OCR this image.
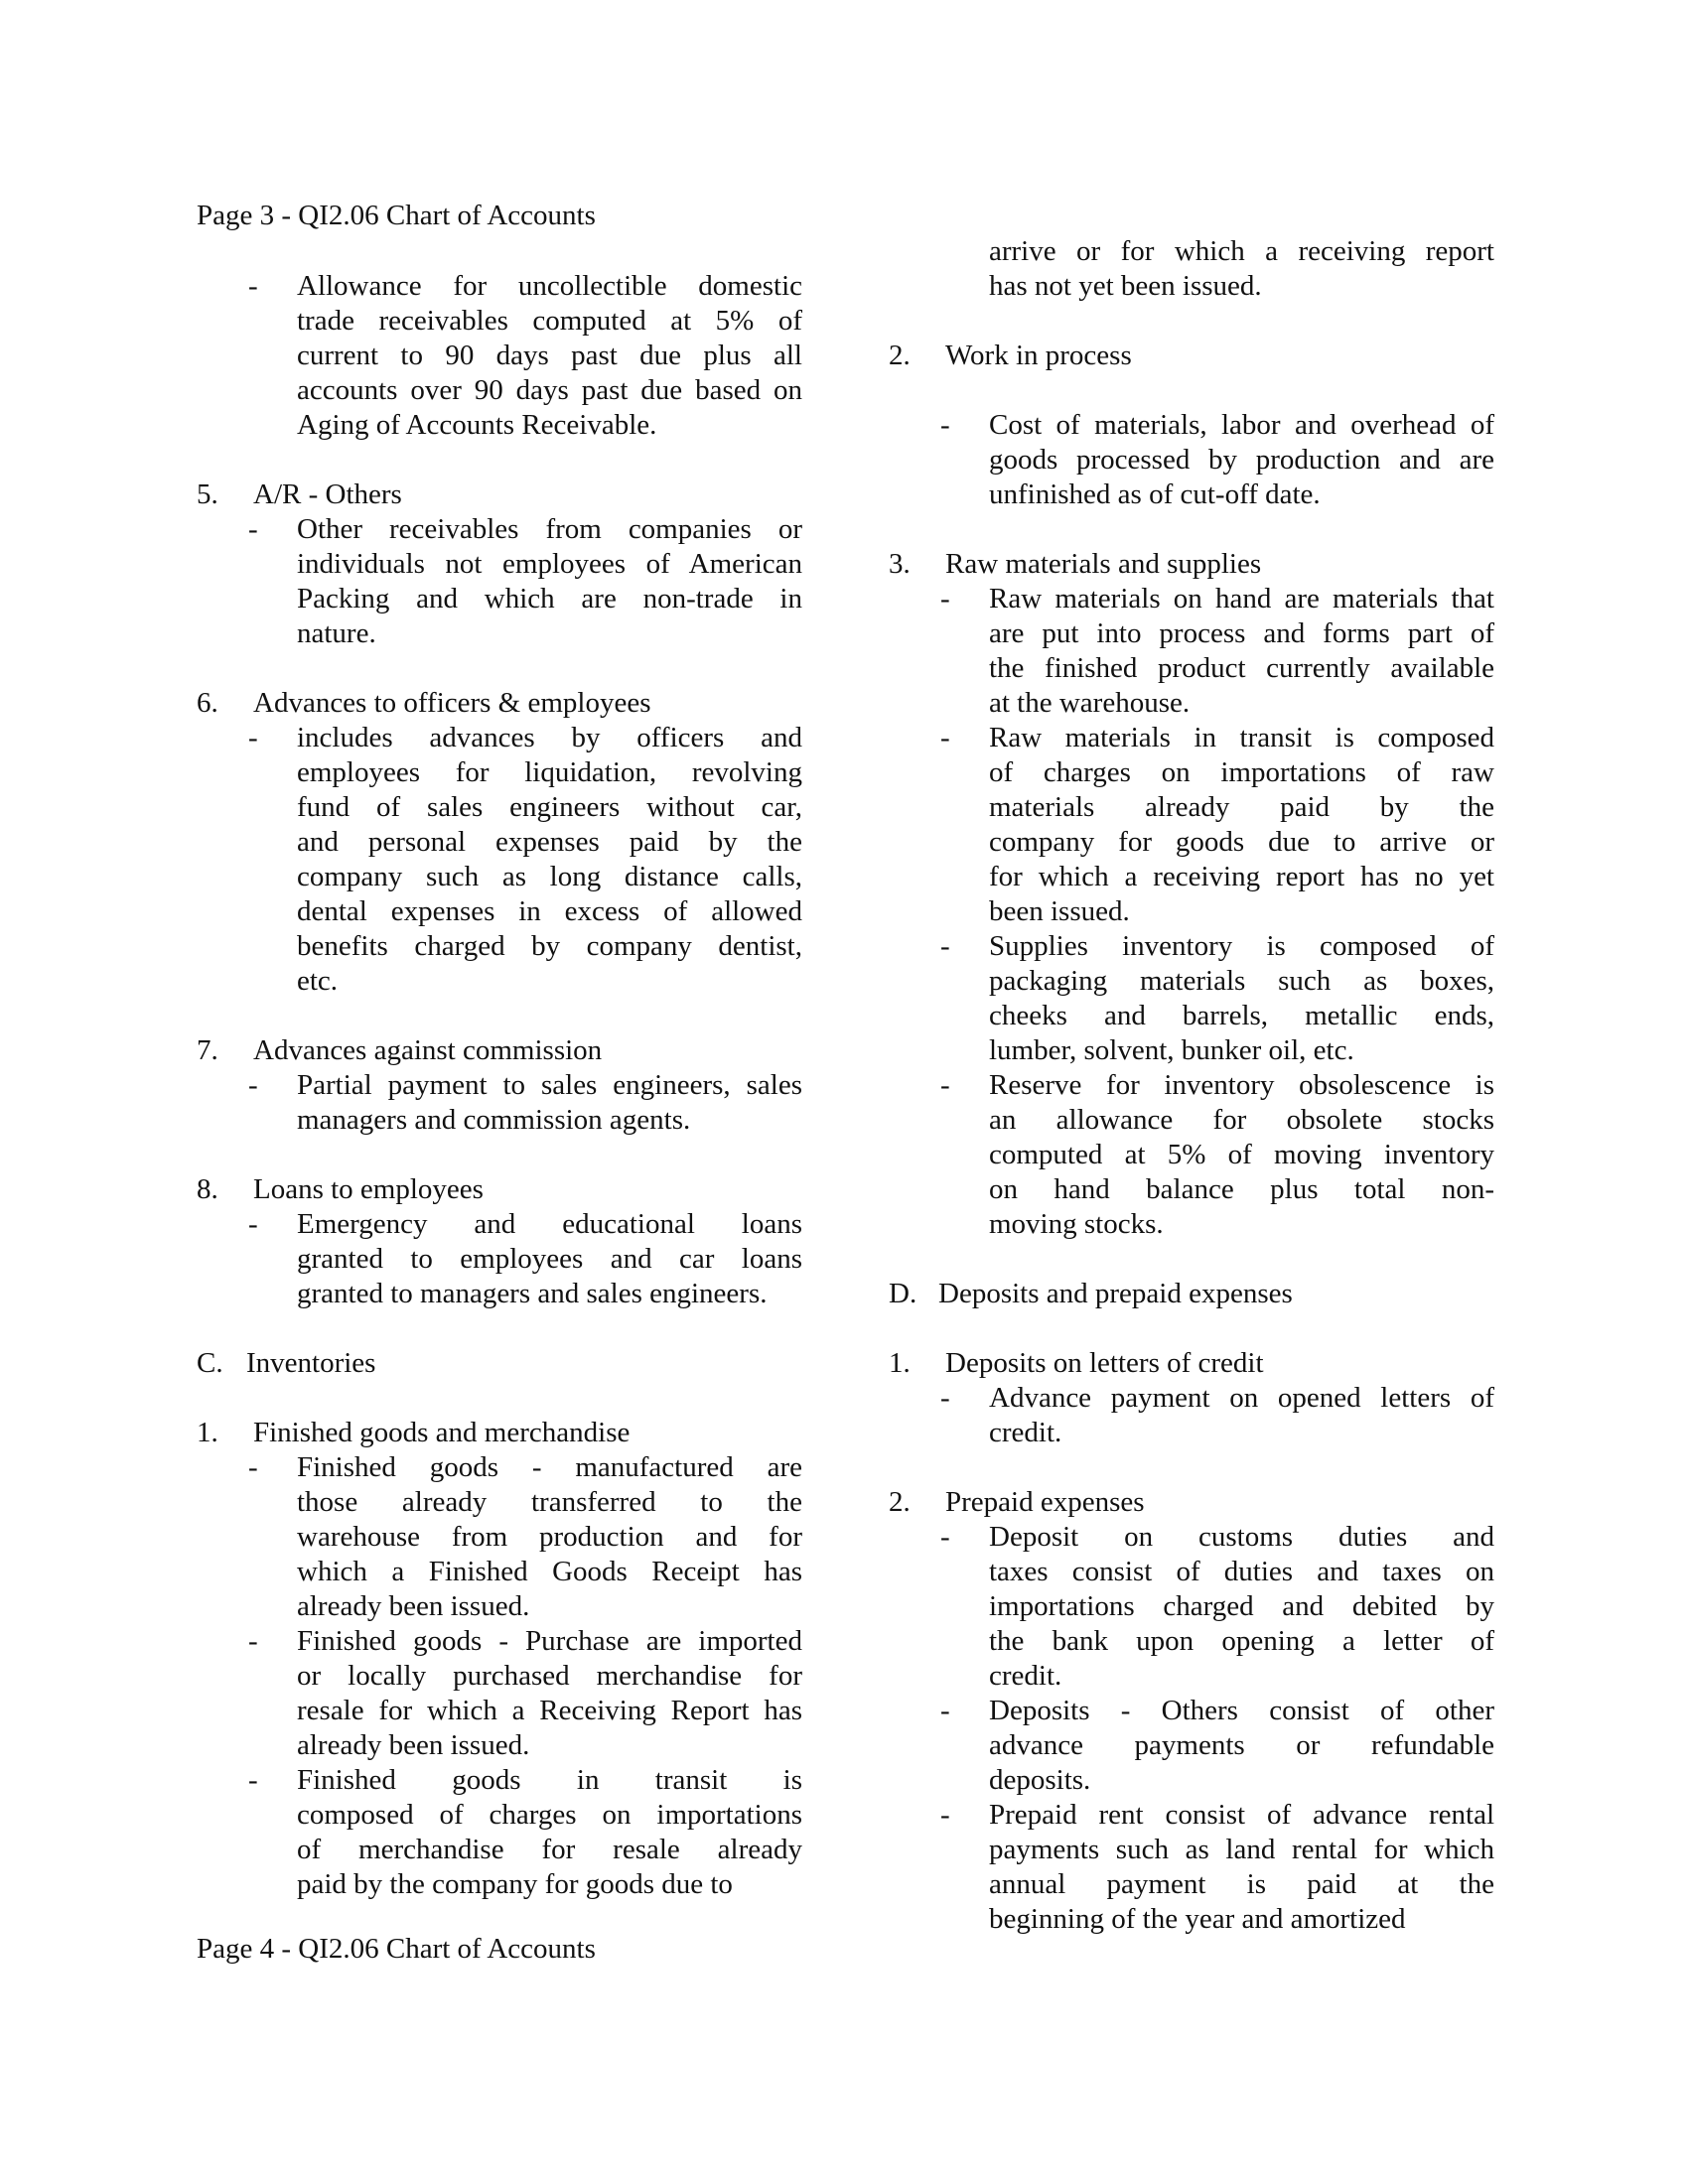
Page 3 - QI2.06 Chart of Accounts
- Allowance for uncollectible domestic
trade receivables computed at 5% of
current to 90 days past due plus all
accounts over 90 days past due based on
Aging of Accounts Receivable.
5. A/R - Others
- Other receivables from companies or
individuals not employees of American
Packing and which are non-trade in
nature.
6. Advances to officers & employees
- includes advances by officers and
employees for liquidation, revolving
fund of sales engineers without car,
and personal expenses paid by the
company such as long distance calls,
dental expenses in excess of allowed
benefits charged by company dentist,
etc.
7. Advances against commission
- Partial payment to sales engineers, sales
managers and commission agents.
8. Loans to employees
- Emergency and educational loans
granted to employees and car loans
granted to managers and sales engineers.
C. Inventories
1. Finished goods and merchandise
- Finished goods - manufactured are
those already transferred to the
warehouse from production and for
which a Finished Goods Receipt has
already been issued.
- Finished goods - Purchase are imported
or locally purchased merchandise for
resale for which a Receiving Report has
already been issued.
- Finished goods in transit is
composed of charges on importations
of merchandise for resale already
paid by the company for goods due to
Page 4 - QI2.06 Chart of Accounts
arrive or for which a receiving report
has not yet been issued.
2. Work in process
- Cost of materials, labor and overhead of
goods processed by production and are
unfinished as of cut-off date.
3. Raw materials and supplies
- Raw materials on hand are materials that
are put into process and forms part of
the finished product currently available
at the warehouse.
- Raw materials in transit is composed
of charges on importations of raw
materials already paid by the
company for goods due to arrive or
for which a receiving report has no yet
been issued.
- Supplies inventory is composed of
packaging materials such as boxes,
cheeks and barrels, metallic ends,
lumber, solvent, bunker oil, etc.
- Reserve for inventory obsolescence is
an allowance for obsolete stocks
computed at 5% of moving inventory
on hand balance plus total non-
moving stocks.
D. Deposits and prepaid expenses
1. Deposits on letters of credit
- Advance payment on opened letters of
credit.
2. Prepaid expenses
- Deposit on customs duties and
taxes consist of duties and taxes on
importations charged and debited by
the bank upon opening a letter of
credit.
- Deposits - Others consist of other
advance payments or refundable
deposits.
- Prepaid rent consist of advance rental
payments such as land rental for which
annual payment is paid at the
beginning of the year and amortized
